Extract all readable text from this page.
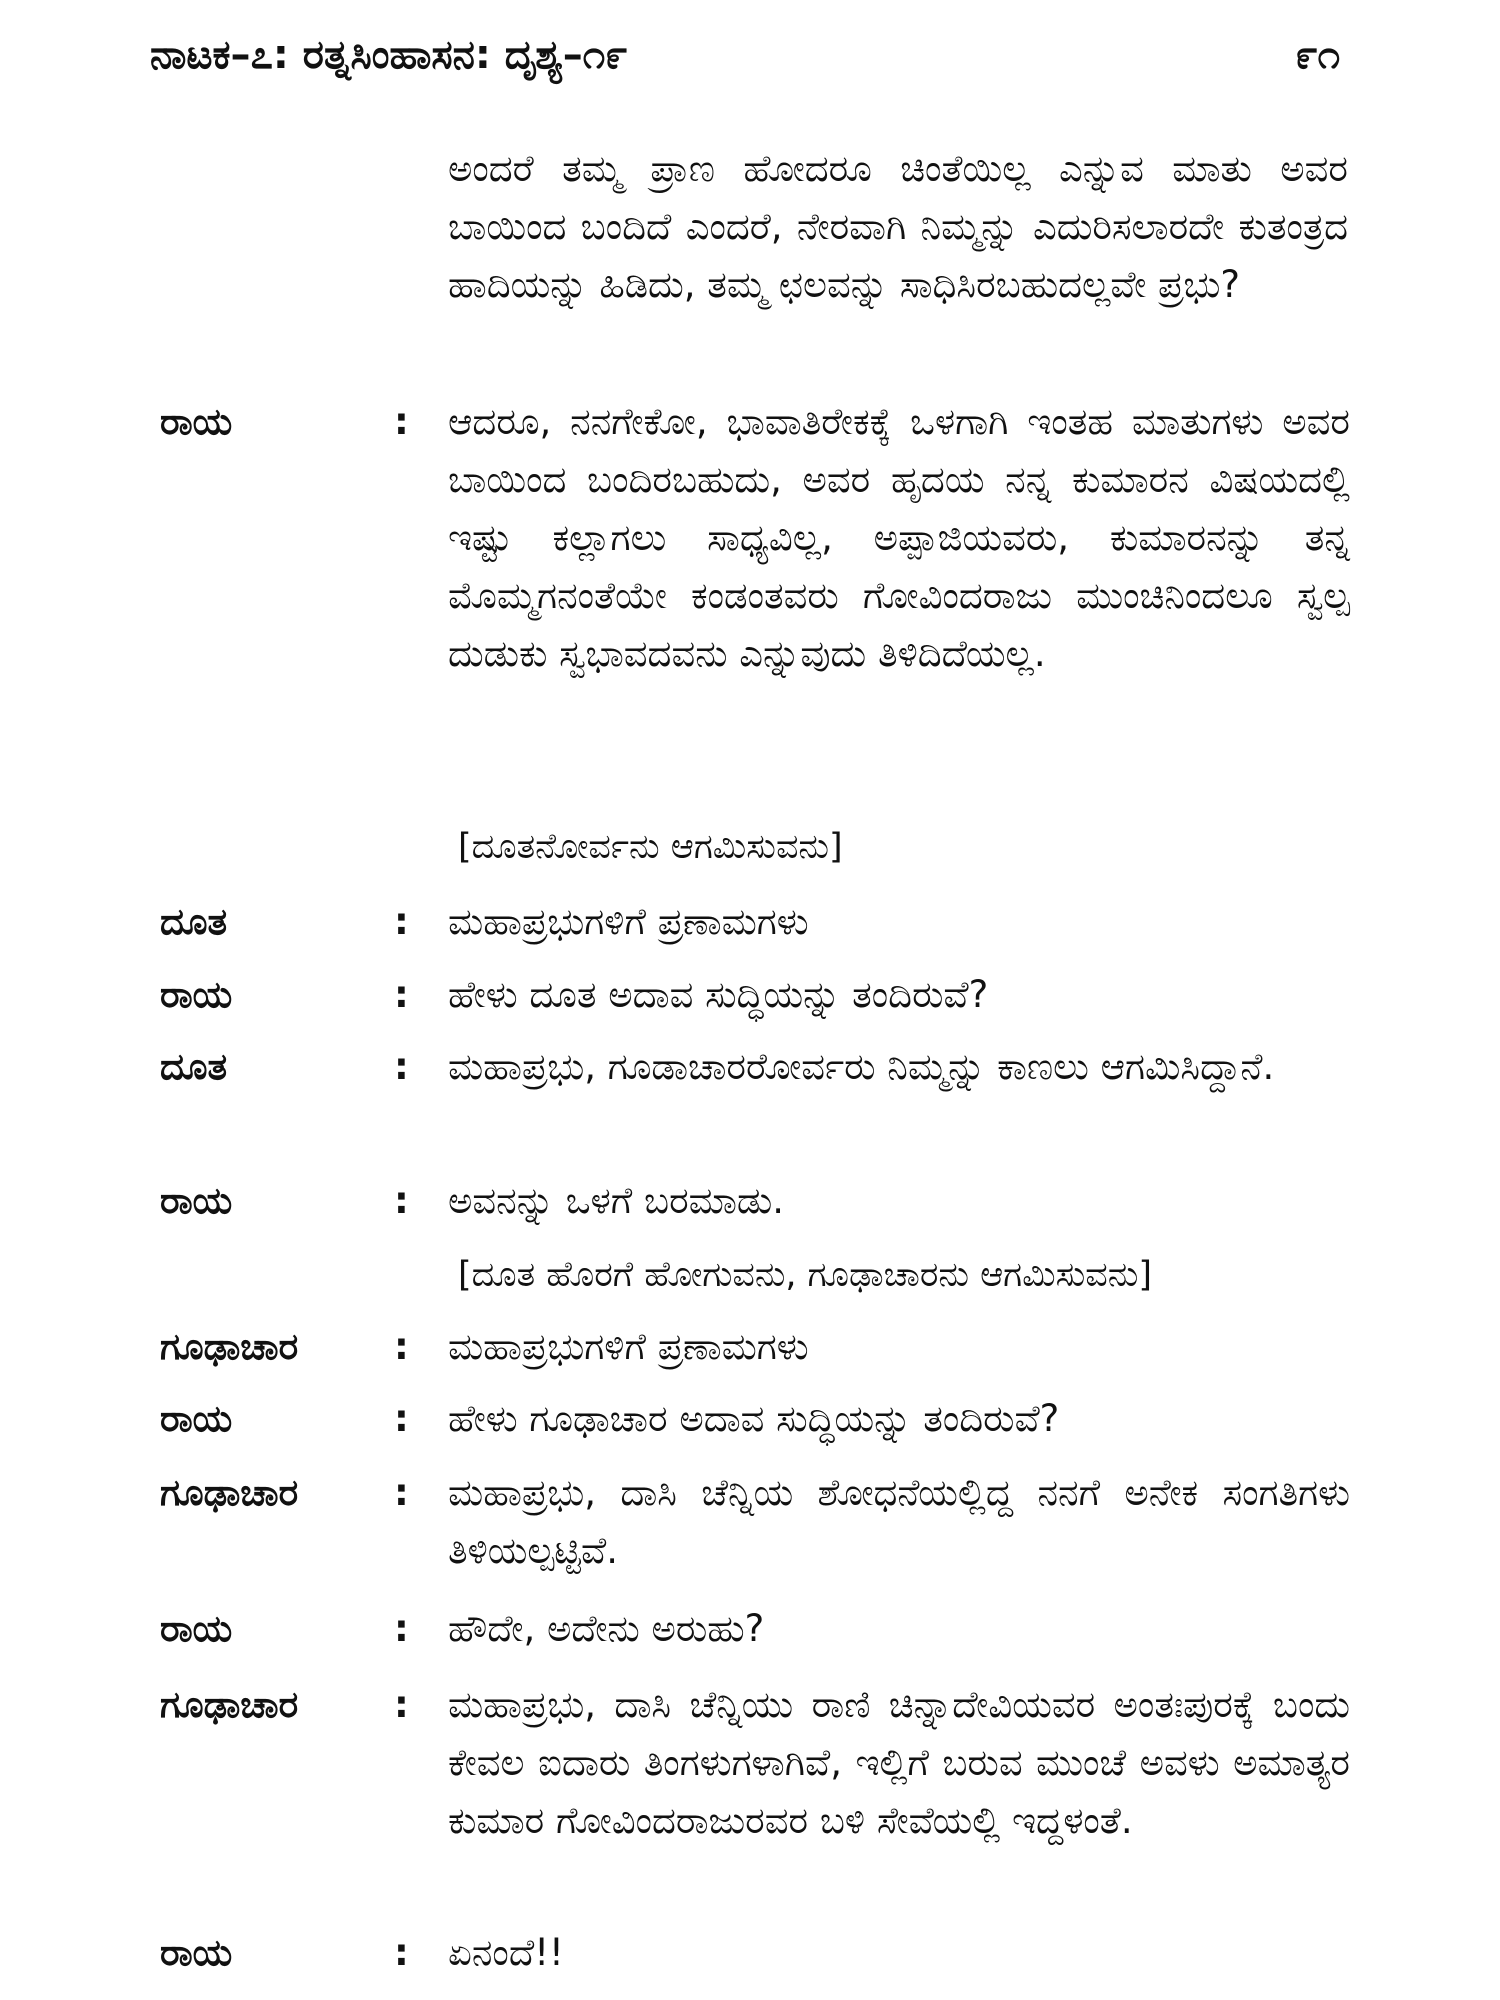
ನಾಟಕ–೭: ರತ್ನಸಿಂಹಾಸನ: ದೃಶ್ಯ–೧೯	೯೧
ಅಂದರೆ ತಮ್ಮ ಪ್ರಾಣ ಹೋದರೂ ಚಿಂತೆಯಿಲ್ಲ ಎನ್ನುವ ಮಾತು ಅವರ ಬಾಯಿಂದ ಬಂದಿದೆ ಎಂದರೆ, ನೇರವಾಗಿ ನಿಮ್ಮನ್ನು ಎದುರಿಸಲಾರದೇ ಕುತಂತ್ರದ ಹಾದಿಯನ್ನು ಹಿಡಿದು, ತಮ್ಮ ಛಲವನ್ನು ಸಾಧಿಸಿರಬಹುದಲ್ಲವೇ ಪ್ರಭು?
ರಾಯ	: ಆದರೂ, ನನಗೇಕೋ, ಭಾವಾತಿರೇಕಕ್ಕೆ ಒಳಗಾಗಿ ಇಂತಹ ಮಾತುಗಳು ಅವರ ಬಾಯಿಂದ ಬಂದಿರಬಹುದು, ಅವರ ಹೃದಯ ನನ್ನ ಕುಮಾರನ ವಿಷಯದಲ್ಲಿ ಇಷ್ಟು ಕಲ್ಲಾಗಲು ಸಾಧ್ಯವಿಲ್ಲ, ಅಪ್ಪಾಜಿಯವರು, ಕುಮಾರನನ್ನು ತನ್ನ ಮೊಮ್ಮಗನಂತೆಯೇ ಕಂಡಂತವರು ಗೋವಿಂದರಾಜು ಮುಂಚಿನಿಂದಲೂ ಸ್ವಲ್ಪ ದುಡುಕು ಸ್ವಭಾವದವನು ಎನ್ನುವುದು ತಿಳಿದಿದೆಯಲ್ಲ.
[ದೂತನೋರ್ವನು ಆಗಮಿಸುವನು]
ದೂತ	: ಮಹಾಪ್ರಭುಗಳಿಗೆ ಪ್ರಣಾಮಗಳು
ರಾಯ	: ಹೇಳು ದೂತ ಅದಾವ ಸುದ್ಧಿಯನ್ನು ತಂದಿರುವೆ?
ದೂತ	: ಮಹಾಪ್ರಭು, ಗೂಡಾಚಾರರೋರ್ವರು ನಿಮ್ಮನ್ನು ಕಾಣಲು ಆಗಮಿಸಿದ್ದಾನೆ.
ರಾಯ	: ಅವನನ್ನು ಒಳಗೆ ಬರಮಾಡು.
[ದೂತ ಹೊರಗೆ ಹೋಗುವನು, ಗೂಢಾಚಾರನು ಆಗಮಿಸುವನು]
ಗೂಢಾಚಾರ	: ಮಹಾಪ್ರಭುಗಳಿಗೆ ಪ್ರಣಾಮಗಳು
ರಾಯ	: ಹೇಳು ಗೂಢಾಚಾರ ಅದಾವ ಸುದ್ಧಿಯನ್ನು ತಂದಿರುವೆ?
ಗೂಢಾಚಾರ	: ಮಹಾಪ್ರಭು, ದಾಸಿ ಚೆನ್ನಿಯ ಶೋಧನೆಯಲ್ಲಿದ್ದ ನನಗೆ ಅನೇಕ ಸಂಗತಿಗಳು ತಿಳಿಯಲ್ಪಟ್ಟಿವೆ.
ರಾಯ	: ಹೌದೇ, ಅದೇನು ಅರುಹು?
ಗೂಢಾಚಾರ	: ಮಹಾಪ್ರಭು, ದಾಸಿ ಚೆನ್ನಿಯು ರಾಣಿ ಚಿನ್ನಾದೇವಿಯವರ ಅಂತಃಪುರಕ್ಕೆ ಬಂದು ಕೇವಲ ಐದಾರು ತಿಂಗಳುಗಳಾಗಿವೆ, ಇಲ್ಲಿಗೆ ಬರುವ ಮುಂಚೆ ಅವಳು ಅಮಾತ್ಯರ ಕುಮಾರ ಗೋವಿಂದರಾಜುರವರ ಬಳಿ ಸೇವೆಯಲ್ಲಿ ಇದ್ದಳಂತೆ.
ರಾಯ	: ಏನಂದೆ!!
